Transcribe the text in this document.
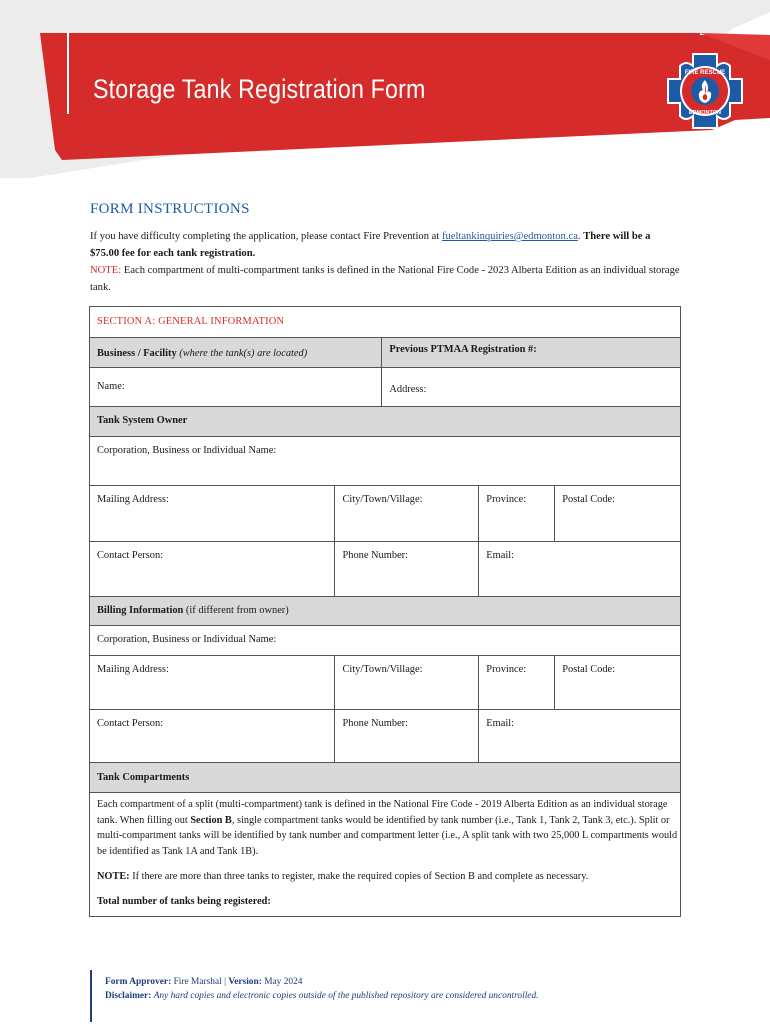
Storage Tank Registration Form
FIRE RESCUE
EDMONTON
FORM INSTRUCTIONS
If you have difficulty completing the application, please contact Fire Prevention at fueltankinquiries@edmonton.ca. There will be a $75.00 fee for each tank registration.
NOTE: Each compartment of multi-compartment tanks is defined in the National Fire Code - 2023 Alberta Edition as an individual storage tank.
SECTION A: GENERAL INFORMATION				
Business / Facility (where the tank(s) are located)		Previous PTMAA Registration #:		
Name:		Address:		
Tank System Owner				
Corporation, Business or Individual Name:				
Mailing Address:	City/Town/Village:		Province:	Postal Code:
Contact Person:	Phone Number:		Email:	
Billing Information (if different from owner)				
Corporation, Business or Individual Name:				
Mailing Address:	City/Town/Village:		Province:	Postal Code:
Contact Person:	Phone Number:		Email:	
Tank Compartments				

Each compartment of a split (multi-compartment) tank is defined in the National Fire Code - 2019 Alberta Edition as an individual storage tank. When filling out Section B, single compartment tanks would be identified by tank number (i.e., Tank 1, Tank 2, Tank 3, etc.). Split or multi-compartment tanks will be identified by tank number and compartment letter (i.e., A split tank with two 25,000 L compartments would be identified as Tank 1A and Tank 1B).
NOTE: If there are more than three tanks to register, make the required copies of Section B and complete as necessary.
Total number of tanks being registered:				
Form Approver: Fire Marshal | Version: May 2024
Disclaimer: Any hard copies and electronic copies outside of the published repository are considered uncontrolled.
